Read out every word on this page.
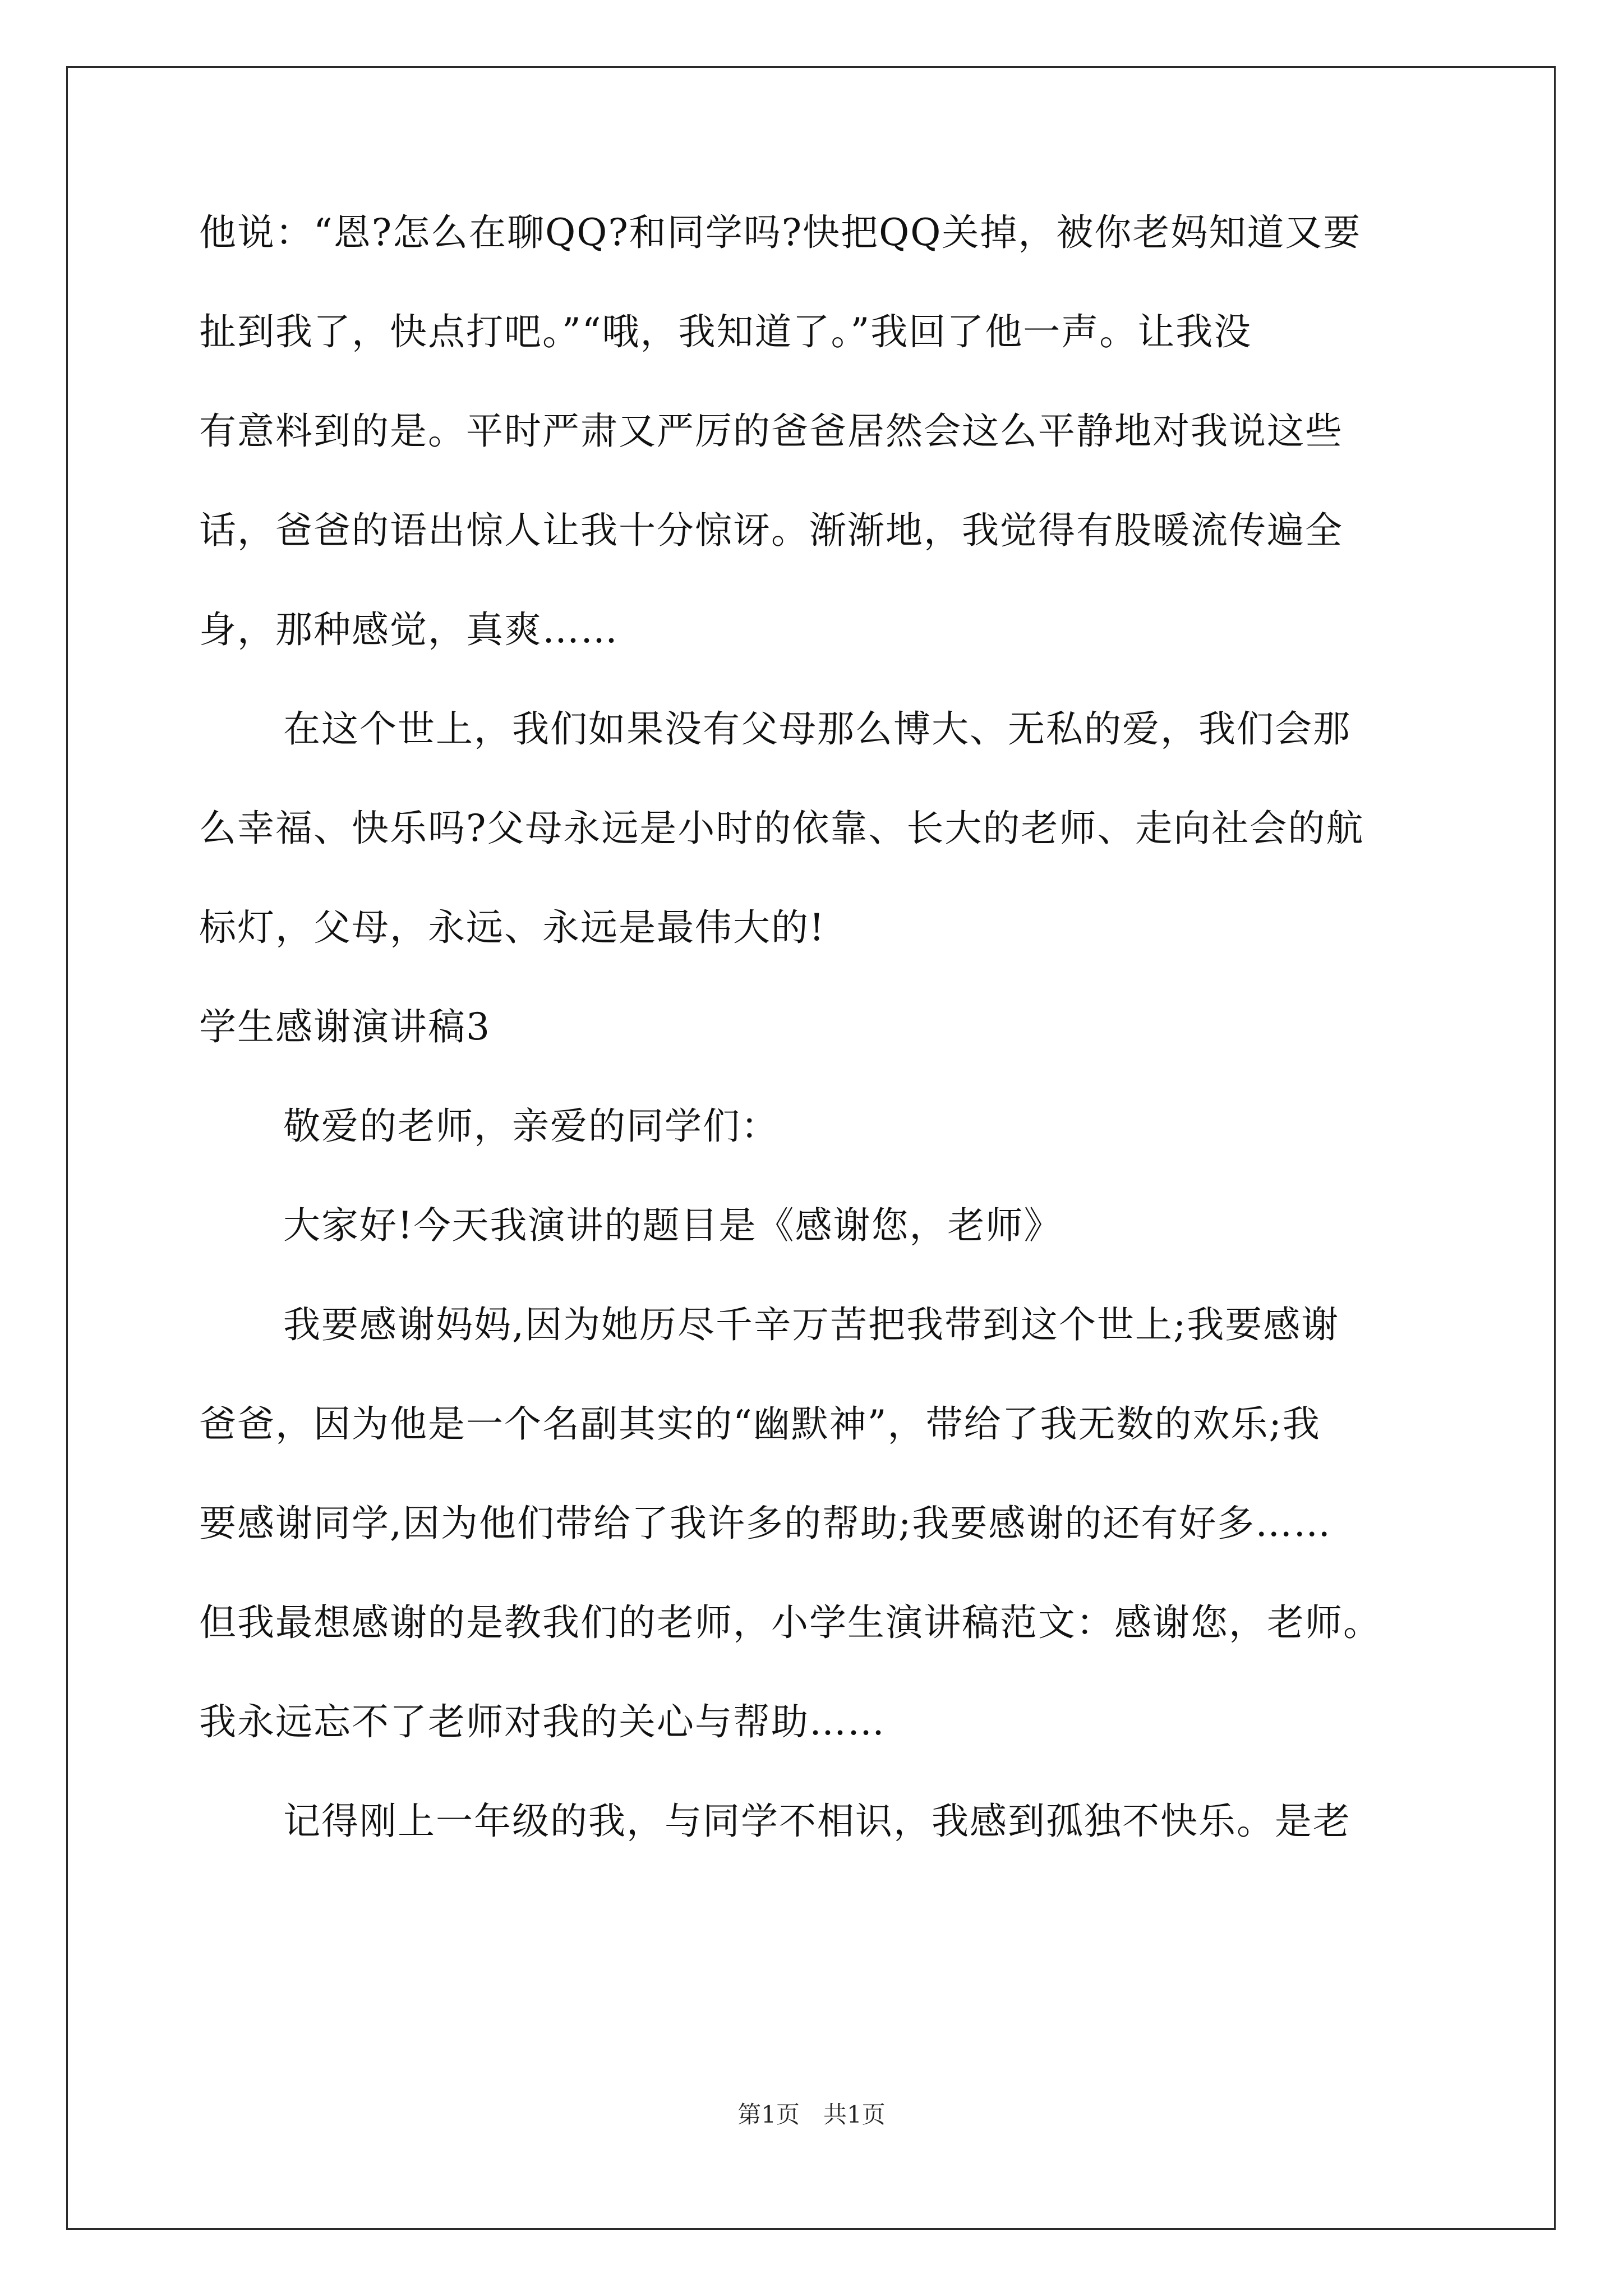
他说：“恩?怎么在聊QQ?和同学吗?快把QQ关掉，被你老妈知道又要
扯到我了，快点打吧。”“哦，我知道了。”我回了他一声。让我没
有意料到的是。平时严肃又严厉的爸爸居然会这么平静地对我说这些
话，爸爸的语出惊人让我十分惊讶。渐渐地，我觉得有股暖流传遍全
身，那种感觉，真爽……
在这个世上，我们如果没有父母那么博大、无私的爱，我们会那
么幸福、快乐吗?父母永远是小时的依靠、长大的老师、走向社会的航
标灯，父母，永远、永远是最伟大的!
学生感谢演讲稿3
敬爱的老师，亲爱的同学们：
大家好!今天我演讲的题目是《感谢您，老师》
我要感谢妈妈,因为她历尽千辛万苦把我带到这个世上;我要感谢
爸爸，因为他是一个名副其实的“幽默神”，带给了我无数的欢乐;我
要感谢同学,因为他们带给了我许多的帮助;我要感谢的还有好多……
但我最想感谢的是教我们的老师，小学生演讲稿范文：感谢您，老师。
我永远忘不了老师对我的关心与帮助……
记得刚上一年级的我，与同学不相识，我感到孤独不快乐。是老
第1页　共1页
